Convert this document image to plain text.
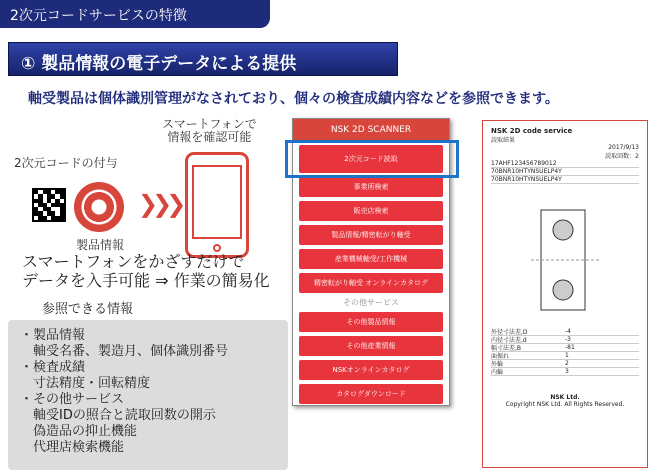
2次元コードサービスの特徴
① 製品情報の電子データによる提供
軸受製品は個体識別管理がなされており、個々の検査成績内容などを参照できます。
2次元コードの付与
製品情報
❯❯❯
スマートフォンで
情報を確認可能
スマートフォンをかざすだけで
データを入手可能 ⇒ 作業の簡易化
参照できる情報
・製品情報
　軸受名番、製造月、個体識別番号
・検査成績
　寸法精度・回転精度
・その他サービス
　軸受IDの照合と読取回数の開示
　偽造品の抑止機能
　代理店検索機能
NSK 2D SCANNER
2次元コード読取
事業所検索
販売店検索
製品情報/精密転がり軸受
産業機械軸受/工作機械
精密転がり軸受 オンラインカタログ
その他サービス
その他製品情報
その他産業情報
NSKオンラインカタログ
カタログダウンロード
NSK 2D code service
読取結果
2017/9/13
読取回数：2
17AHF123456789012
70BNR10HTYNSUELP4Y
70BNR10HTYNSUELP4Y
外径寸法差,D	-4
内径寸法差,d	-3
幅寸法差,B	-81
面振れ	1
外輪	2
内輪	3
NSK Ltd.
Copyright NSK Ltd. All Rights Reserved.
